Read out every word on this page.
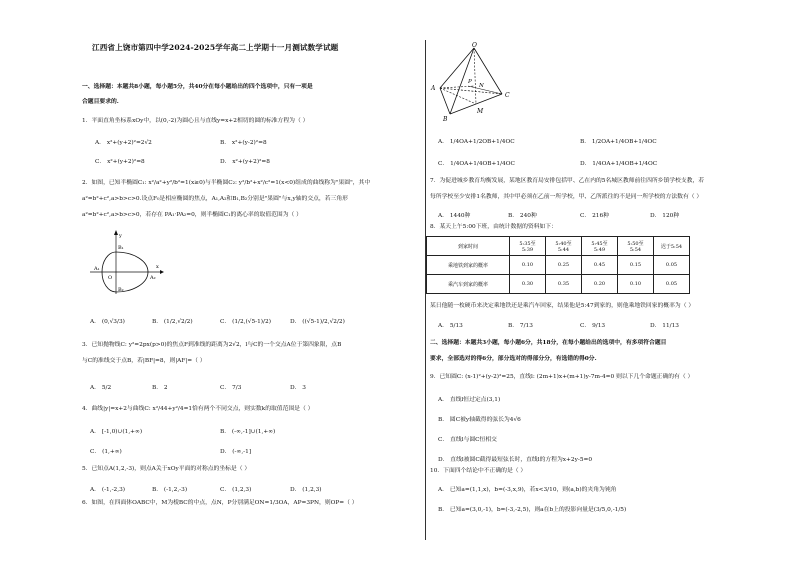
江西省上饶市第四中学2024-2025学年高二上学期十一月测试数学试题
一、选择题：本题共8小题，每小题5分，共40分在每小题给出的四个选项中，只有一项是
合题目要求的.
1．平面直角坐标系xOy中，以(0,-2)为圆心且与直线y=x+2相切的圆的标准方程为（ ）
A． x²+(y+2)²=2√2	B． x²+(y-2)²=8
C． x²+(y+2)²=8	D． x²+(y+2)²=8
2．如图，已知半椭圆C₁: x²/a²+y²/b²=1(x≥0)与半椭圆C₂: y²/b²+x²/c²=1(x<0)组成的曲线称为"果圆"，其中
a²=b²+c²,a>b>c>0.设点F₀是相应椭圆的焦点，A₁,A₂和B₁,B₂分别是"果圆"与x,y轴的交点，若三角形
a²=b²+c²,a>b>c>0，若存在 PA₁·PA₂=0，则半椭圆C₁的离心率的取值范围为（ ）
B₁
B₂
A₁
A₂
O
x
y
A． (0,√3/3)	B． (1/2,√2/2)	C． (1/2,(√5-1)/2)	D． ((√5-1)/2,√2/2)
3．已知抛物线C: y²=2px(p>0)的焦点F到准线的距离为2√2，l与C的一个交点A位于第四象限，点B
与C的准线交于点B，若|BF|=8，则|AF|=（ ）
A． 5/2	B． 2	C． 7/3	D． 3
4．曲线|y|=x+2与曲线C: x²/44+y²/4=1恰有两个不同交点，则实数k的取值范围是（ ）
A． [-1,0)∪(1,+∞)	B． (-∞,-1]∪(1,+∞)
C． (1,+∞)	D． (-∞,-1]
5．已知点A(1,2,-3)，则点A关于xOy平面的对称点的坐标是（ ）
A． (-1,-2,3)	B． (-1,2,-3)	C． (1,2,3)	D． (1,2,3)
6．如图，在四面体OABC中，M为棱BC的中点，点N，P分别满足ON=1/3OA，AP=3PN，则OP=（ ）
O
A
B
C
M
N
P
A． 1/4OA+1/2OB+1/4OC	B． 1/2OA+1/4OB+1/4OC
C． 1/4OA+1/4OB+1/4OC	D． 1/4OA+1/4OB+1/4OC
7．为促进城乡教育均衡发展，某地区教育局安排包括甲、乙在内的5名城区教师前往四所乡镇学校支教，若
每所学校至少安排1名教师，其中甲必须在乙前一所学校，甲、乙所派往的不是同一所学校的方法数有（ ）
A． 1440种	B． 240种	C． 216种	D． 120种
8．某天上午5:00下班，由统计数据的资料如下：
到家时间	5:35至5:39	5:40至5:44	5:45至5:49	5:50至5:54	迟于5:54
乘地铁到家的概率	0.10	0.25	0.45	0.15	0.05
乘汽车到家的概率	0.30	0.35	0.20	0.10	0.05
某日他随一枚硬币来决定乘地铁还是乘汽车回家，结果他是5:47到家的，则他乘地铁回家的概率为（ ）
A． 5/13	B． 7/13	C． 9/13	D． 11/13
二、选择题：本题共3小题，每小题6分，共18分，在每小题给出的选项中，有多项符合题目
要求，全部选对的得6分，部分选对的得部分分，有选错的得0分.
9．已知圆C: (x-1)²+(y-2)²=25，直线l: (2m+1)x+(m+1)y-7m-4=0 则以下几个命题正确的有（ ）
A． 直线l恒过定点(3,1)
B． 圆C被y轴截得的弦长为4√6
C． 直线l与圆C恒相交
D． 直线l被圆C截得最短弦长时，直线l的方程为x+2y-5=0
10．下面四个结论中不正确的是（ ）
A． 已知a=(1,1,x)，b=(-3,x,9)，若x<3/10，则(a,b)的夹角为钝角
B． 已知a=(3,0,-1)，b=(-3,-2,5)，则a在b上的投影向量是(3/5,0,-1/5)
